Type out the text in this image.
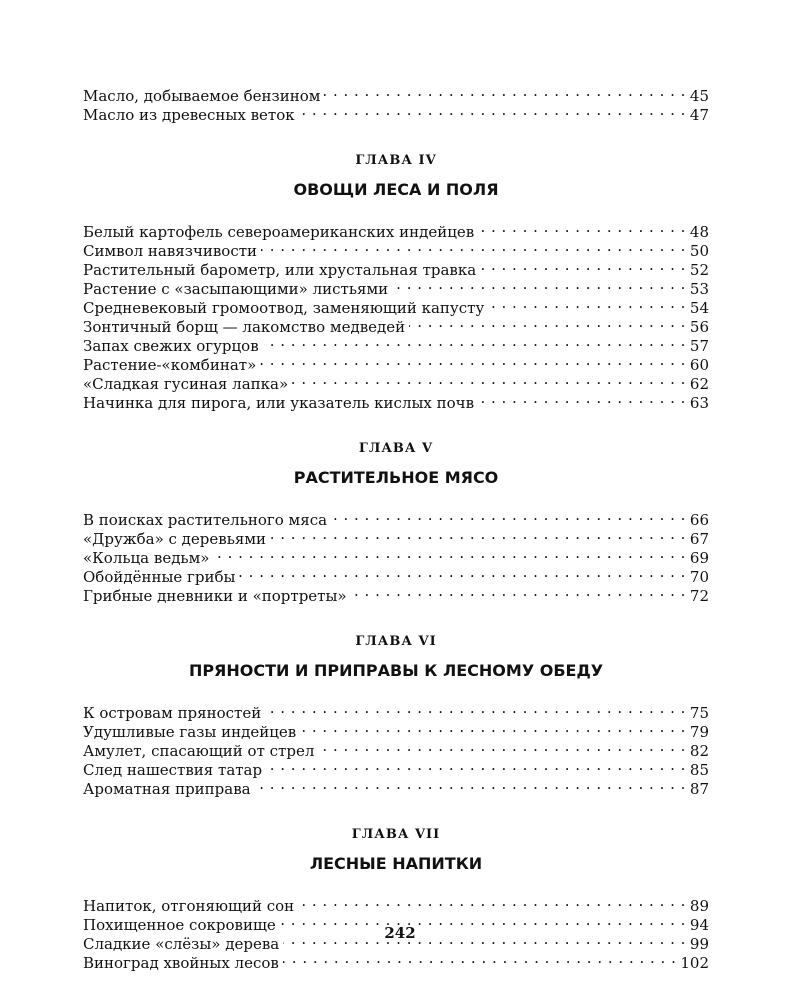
Масло, добываемое бензином . . .	45
Масло из древесных веток . . .	47
ГЛАВА IV
ОВОЩИ ЛЕСА И ПОЛЯ
Белый картофель североамериканских индейцев . . .	48
Символ навязчивости . . .	50
Растительный барометр, или хрустальная травка . . .	52
Растение с «засыпающими» листьями . . .	53
Средневековый громоотвод, заменяющий капусту . . .	54
Зонтичный борщ — лакомство медведей . . .	56
Запах свежих огурцов . . .	57
Растение-«комбинат» . . .	60
«Сладкая гусиная лапка» . . .	62
Начинка для пирога, или указатель кислых почв . . .	63
ГЛАВА V
РАСТИТЕЛЬНОЕ МЯСО
В поисках растительного мяса . . .	66
«Дружба» с деревьями . . .	67
«Кольца ведьм» . . .	69
Обойдённые грибы . . .	70
Грибные дневники и «портреты» . . .	72
ГЛАВА VI
ПРЯНОСТИ И ПРИПРАВЫ К ЛЕСНОМУ ОБЕДУ
К островам пряностей . . .	75
Удушливые газы индейцев . . .	79
Амулет, спасающий от стрел . . .	82
След нашествия татар . . .	85
Ароматная приправа . . .	87
ГЛАВА VII
ЛЕСНЫЕ НАПИТКИ
Напиток, отгоняющий сон . . .	89
Похищенное сокровище . . .	94
Сладкие «слёзы» дерева . . .	99
Виноград хвойных лесов . . .	102
242
